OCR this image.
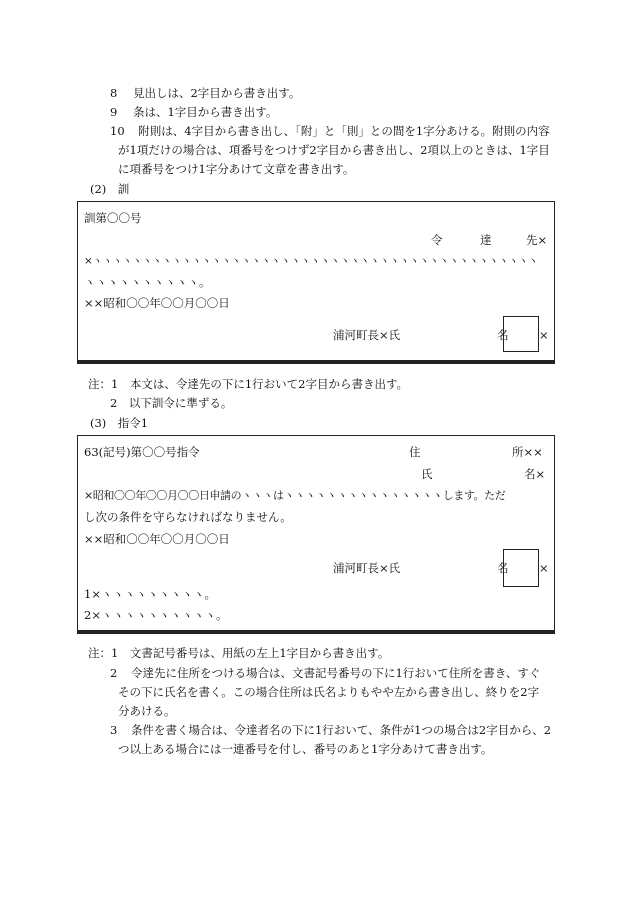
8 見出しは、2字目から書き出す。
9 条は、1字目から書き出す。
10 附則は、4字目から書き出し、「附」と「則」との間を1字分あける。附則の内容
が1項だけの場合は、項番号をつけず2字目から書き出し、2項以上のときは、1字目
に項番号をつけ1字分あけて文章を書き出す。
(2)　訓
訓第〇〇号
令	達	先×
×ヽヽヽヽヽヽヽヽヽヽヽヽヽヽヽヽヽヽヽヽヽヽヽヽヽヽヽヽヽヽヽヽヽヽヽヽヽヽヽヽヽヽヽヽヽ
ヽヽヽヽヽヽヽヽヽヽ。
××昭和〇〇年〇〇月〇〇日
浦河町長×氏	名	×
注：1　本文は、令達先の下に1行おいて2字目から書き出す。
2　以下訓令に準ずる。
(3)　指令1
63(記号)第〇〇号指令	住	所××
氏	名×
×昭和〇〇年〇〇月〇〇日申請のヽヽヽはヽヽヽヽヽヽヽヽヽヽヽヽヽヽヽします。ただ
し次の条件を守らなければなりません。
××昭和〇〇年〇〇月〇〇日
浦河町長×氏	名	×
1×ヽヽヽヽヽヽヽヽヽ。
2×ヽヽヽヽヽヽヽヽヽヽ。
注：1　文書記号番号は、用紙の左上1字目から書き出す。
2 令達先に住所をつける場合は、文書記号番号の下に1行おいて住所を書き、すぐ
その下に氏名を書く。この場合住所は氏名よりもやや左から書き出し、終りを2字
分あける。
3 条件を書く場合は、令達者名の下に1行おいて、条件が1つの場合は2字目から、2
つ以上ある場合には一連番号を付し、番号のあと1字分あけて書き出す。
